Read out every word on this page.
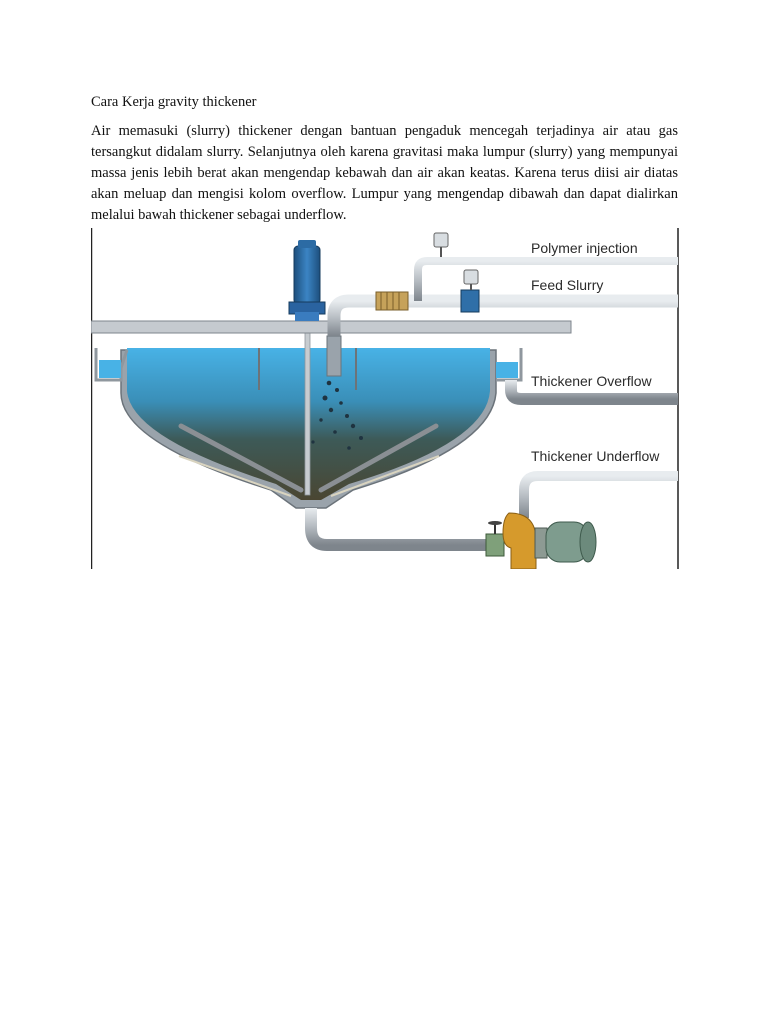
Cara Kerja gravity thickener

Air memasuki (slurry) thickener dengan bantuan pengaduk mencegah terjadinya air atau gas tersangkut didalam slurry. Selanjutnya oleh karena gravitasi maka lumpur (slurry) yang mempunyai massa jenis lebih berat akan mengendap kebawah dan air akan keatas. Karena terus diisi air diatas akan meluap dan mengisi kolom overflow. Lumpur yang mengendap dibawah dan dapat dialirkan melalui bawah thickener sebagai underflow.

Polymer injection
Feed Slurry
Thickener Overflow
Thickener Underflow
